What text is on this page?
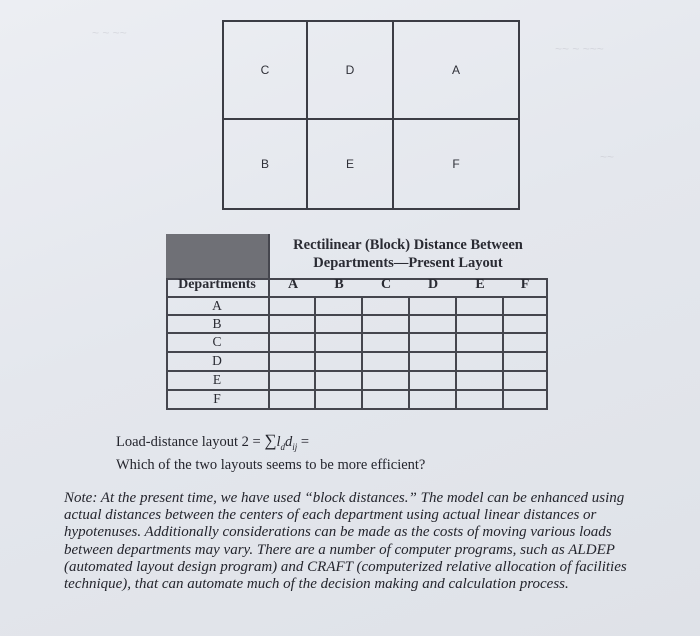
~ ~ ~~
~~ ~ ~~~
~~
C	D	A
B	E	F
Rectilinear (Block) Distance Between
Departments—Present Layout
Departments	A	B	C	D	E	F
A
B
C
D
E
F
Load-distance layout $2 = \sum l_dd_{ij}$ =
Which of the two layouts seems to be more efficient?
Note: At the present time, we have used “block distances.” The model can be enhanced using actual distances between the centers of each department using actual linear distances or hypotenuses. Additionally considerations can be made as the costs of moving various loads between departments may vary. There are a number of computer programs, such as ALDEP (automated layout design program) and CRAFT (computerized relative allocation of facilities technique), that can automate much of the decision making and calculation process.
